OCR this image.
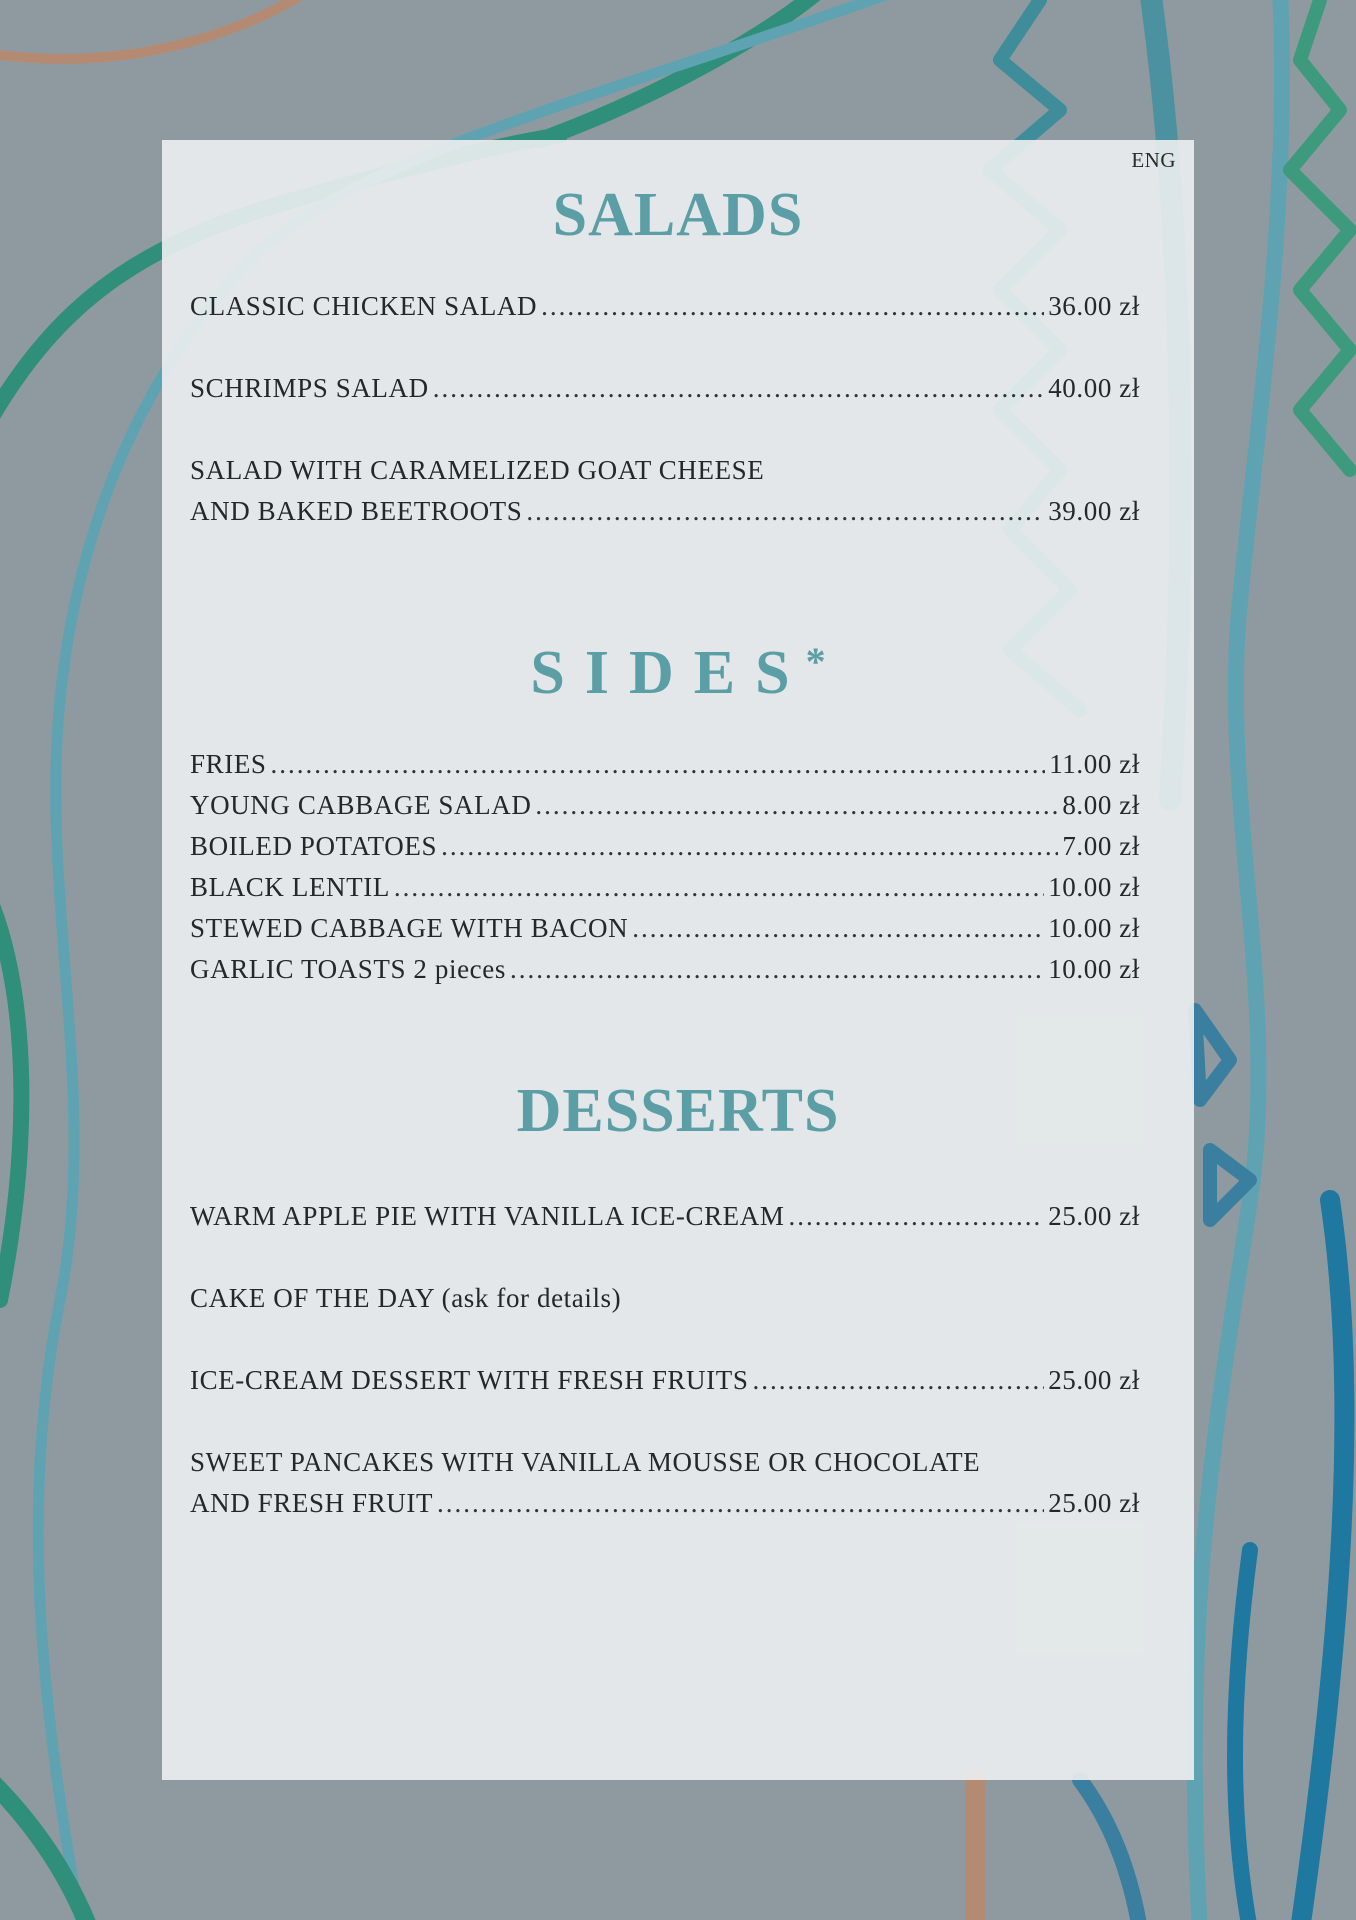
ENG
SALADS
CLASSIC CHICKEN SALAD .....	36.00 zł
SCHRIMPS SALAD .....	40.00 zł
SALAD WITH CARAMELIZED GOAT CHEESE
AND BAKED BEETROOTS .....	39.00 zł
SIDES*
FRIES .....	11.00 zł
YOUNG CABBAGE SALAD .....	8.00 zł
BOILED POTATOES .....	7.00 zł
BLACK LENTIL .....	10.00 zł
STEWED CABBAGE WITH BACON .....	10.00 zł
GARLIC TOASTS 2 pieces .....	10.00 zł
DESSERTS
WARM APPLE PIE WITH VANILLA ICE-CREAM .....	25.00 zł
CAKE OF THE DAY (ask for details)
ICE-CREAM DESSERT WITH FRESH FRUITS .....	25.00 zł
SWEET PANCAKES WITH VANILLA MOUSSE OR CHOCOLATE
AND FRESH FRUIT .....	25.00 zł
